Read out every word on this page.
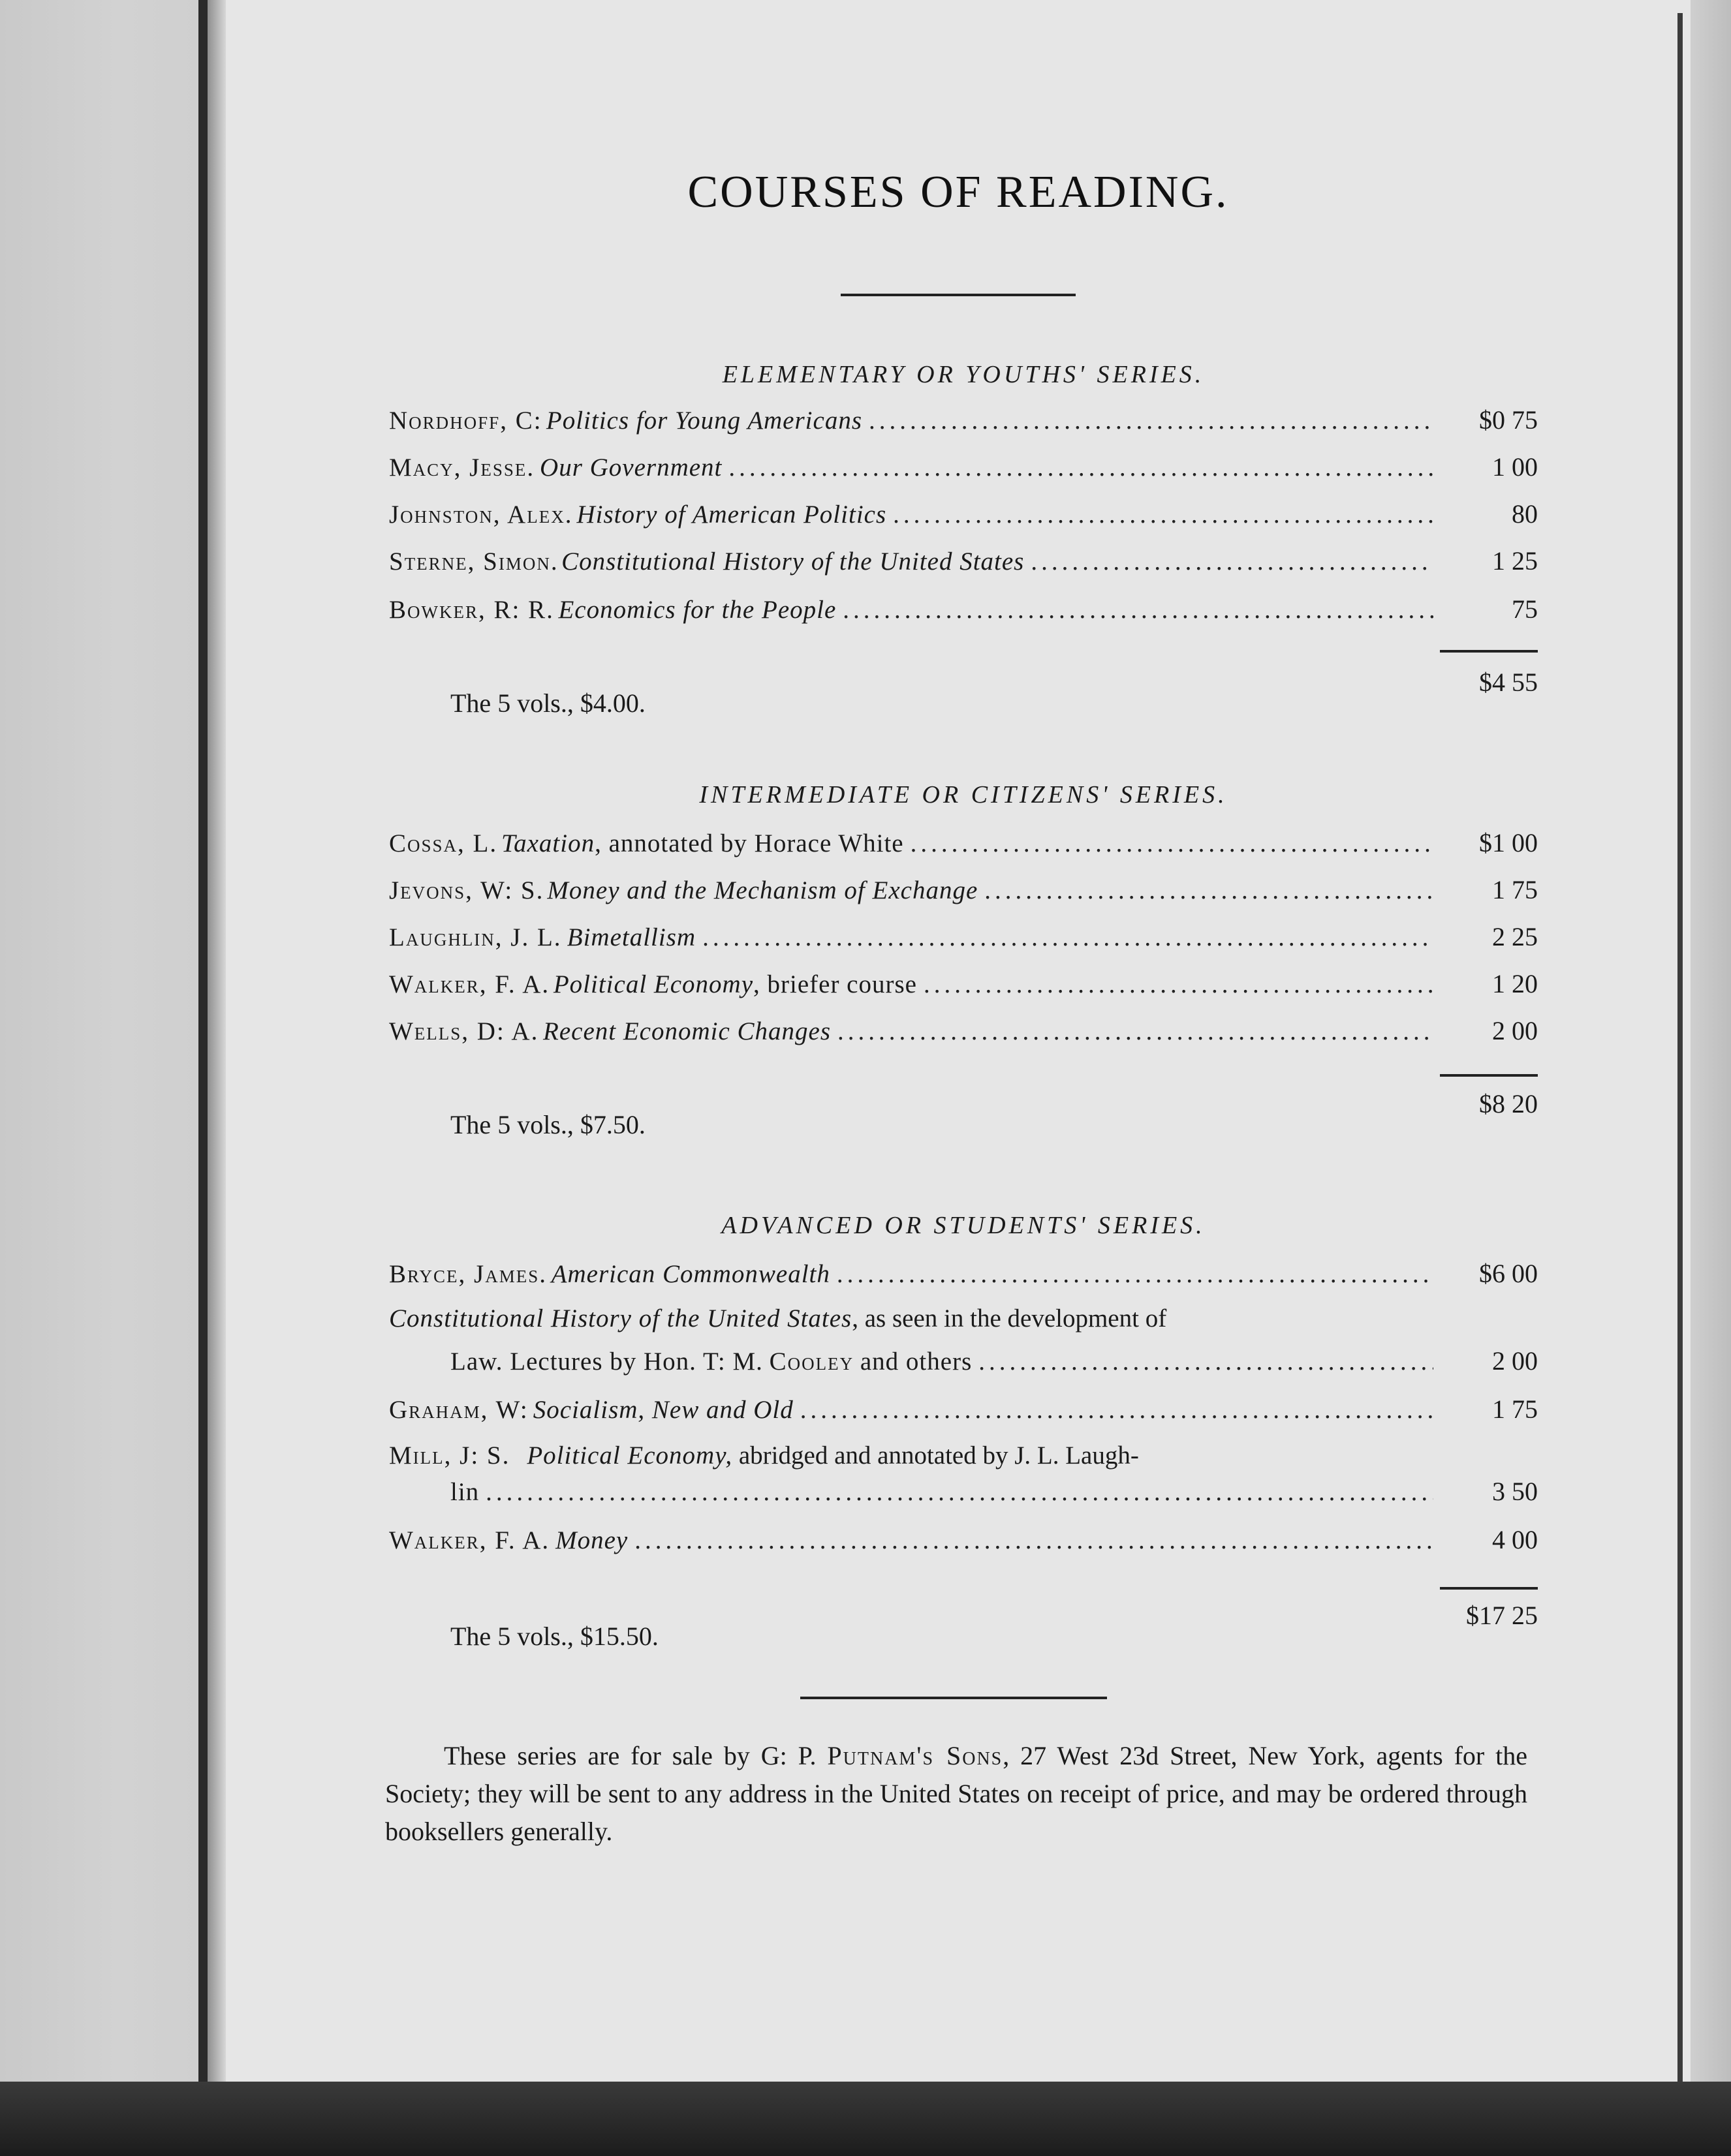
COURSES OF READING.
ELEMENTARY OR YOUTHS' SERIES.
Nordhoff, C: Politics for Young Americans .....	$0 75
Macy, Jesse. Our Government .....	1 00
Johnston, Alex. History of American Politics .....	80
Sterne, Simon. Constitutional History of the United States .....	1 25
Bowker, R: R. Economics for the People .....	75
$4 55
The 5 vols., $4.00.
INTERMEDIATE OR CITIZENS' SERIES.
Cossa, L. Taxation , annotated by Horace White .....	$1 00
Jevons, W: S. Money and the Mechanism of Exchange .....	1 75
Laughlin, J. L. Bimetallism .....	2 25
Walker, F. A. Political Economy , briefer course .....	1 20
Wells, D: A. Recent Economic Changes .....	2 00
$8 20
The 5 vols., $7.50.
ADVANCED OR STUDENTS' SERIES.
Bryce, James. American Commonwealth .....	$6 00
Constitutional History of the United States, as seen in the development of
Law. Lectures by Hon. T: M.
Cooley
and others .....	2 00
Graham, W: Socialism, New and Old .....	1 75
Mill, J: S. Political Economy, abridged and annotated by J. L. Laugh-
lin .....	3 50
Walker, F. A. Money .....	4 00
$17 25
The 5 vols., $15.50.
These series are for sale by G: P. Putnam's Sons, 27 West 23d Street, New York, agents for the Society; they will be sent to any address in the United States on receipt of price, and may be ordered through booksellers generally.
